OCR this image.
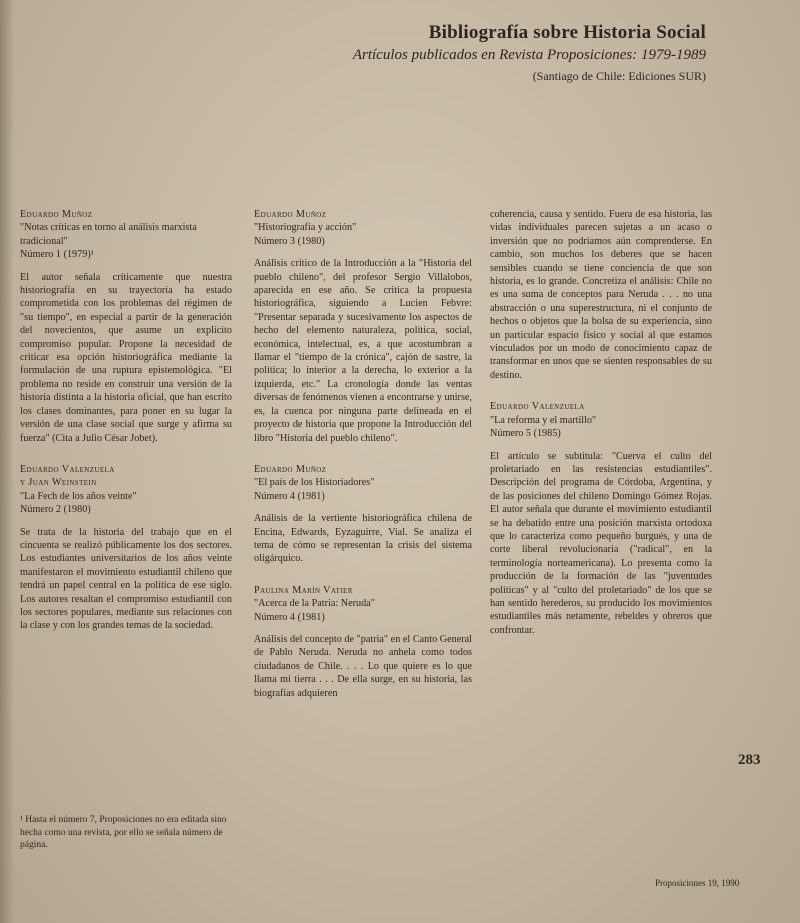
Bibliografía sobre Historia Social
Artículos publicados en Revista Proposiciones: 1979-1989
(Santiago de Chile: Ediciones SUR)
Eduardo Muñoz
"Notas críticas en torno al análisis marxista tradicional"
Número 1 (1979)¹
El autor señala críticamente que nuestra historiografía en su trayectoria ha estado comprometida con los problemas del régimen de "su tiempo", en especial a partir de la generación del novecientos, que asume un explícito compromiso popular. Propone la necesidad de criticar esa opción historiográfica mediante la formulación de una ruptura epistemológica. "El problema no reside en construir una versión de la historia distinta a la historia oficial, que han escrito los clases dominantes, para poner en su lugar la versión de una clase social que surge y afirma su fuerza" (Cita a Julio César Jobet).
Eduardo Valenzuela
y Juan Weinstein
"La Fech de los años veinte"
Número 2 (1980)
Se trata de la historia del trabajo que en el cincuenta se realizó públicamente los dos sectores. Los estudiantes universitarios de los años veinte manifestaron el movimiento estudiantil chileno que tendrá un papel central en la política de ese siglo. Los autores resaltan el compromiso estudiantil con los sectores populares, mediante sus relaciones con la clase y con los grandes temas de la sociedad.
Eduardo Muñoz
"Historiografía y acción"
Número 3 (1980)
Análisis crítico de la Introducción a la "Historia del pueblo chileno", del profesor Sergio Villalobos, aparecida en ese año. Se critica la propuesta historiográfica, siguiendo a Lucien Febvre: "Presentar separada y sucesivamente los aspectos de hecho del elemento naturaleza, política, social, económica, intelectual, es, a que acostumbran a llamar el "tiempo de la crónica", cajón de sastre, la política; lo interior a la derecha, lo exterior a la izquierda, etc." La cronología donde las ventas diversas de fenómenos vienen a encontrarse y unirse, es, la cuenca por ninguna parte delineada en el proyecto de historia que propone la Introducción del libro "Historia del pueblo chileno".
Eduardo Muñoz
"El país de los Historiadores"
Número 4 (1981)
Análisis de la vertiente historiográfica chilena de Encina, Edwards, Eyzaguirre, Vial. Se analiza el tema de cómo se representan la crisis del sistema oligárquico.
Paulina Marín Vatier
"Acerca de la Patria: Neruda"
Número 4 (1981)
Análisis del concepto de "patria" en el Canto General de Pablo Neruda. Neruda no anhela como todos ciudadanos de Chile. . . . Lo que quiere es lo que llama mi tierra . . . De ella surge, en su historia, las biografías adquieren
coherencia, causa y sentido. Fuera de esa historia, las vidas individuales parecen sujetas a un acaso o inversión que no podríamos aún comprenderse. En cambio, son muchos los deberes que se hacen sensibles cuando se tiene conciencia de que son historia, es lo grande. Concretiza el análisis: Chile no es una suma de conceptos para Neruda . . . no una abstracción o una superestructura, ni el conjunto de hechos o objetos que la bolsa de su experiencia, sino un particular espacio físico y social al que estamos vinculados por un modo de conocimiento capaz de transformar en unos que se sienten responsables de su destino.
Eduardo Valenzuela
"La reforma y el martillo"
Número 5 (1985)
El artículo se subtitula: "Cuerva el culto del proletariado en las resistencias estudiantiles". Descripción del programa de Córdoba, Argentina, y de las posiciones del chileno Domingo Gómez Rojas. El autor señala que durante el movimiento estudiantil se ha debatido entre una posición marxista ortodoxa que lo caracteriza como pequeño burgués, y una de corte liberal revolucionaria ("radical", en la terminología norteamericana). Lo presenta como la producción de la formación de las "juventudes políticas" y al "culto del proletariado" de los que se han sentido herederos, su producido los movimientos estudiantiles más netamente, rebeldes y obreros que confrontar.
¹ Hasta el número 7, Proposiciones no era editada sino hecha como una revista, por ello se señala número de página.
283
Proposiciones 19, 1990
